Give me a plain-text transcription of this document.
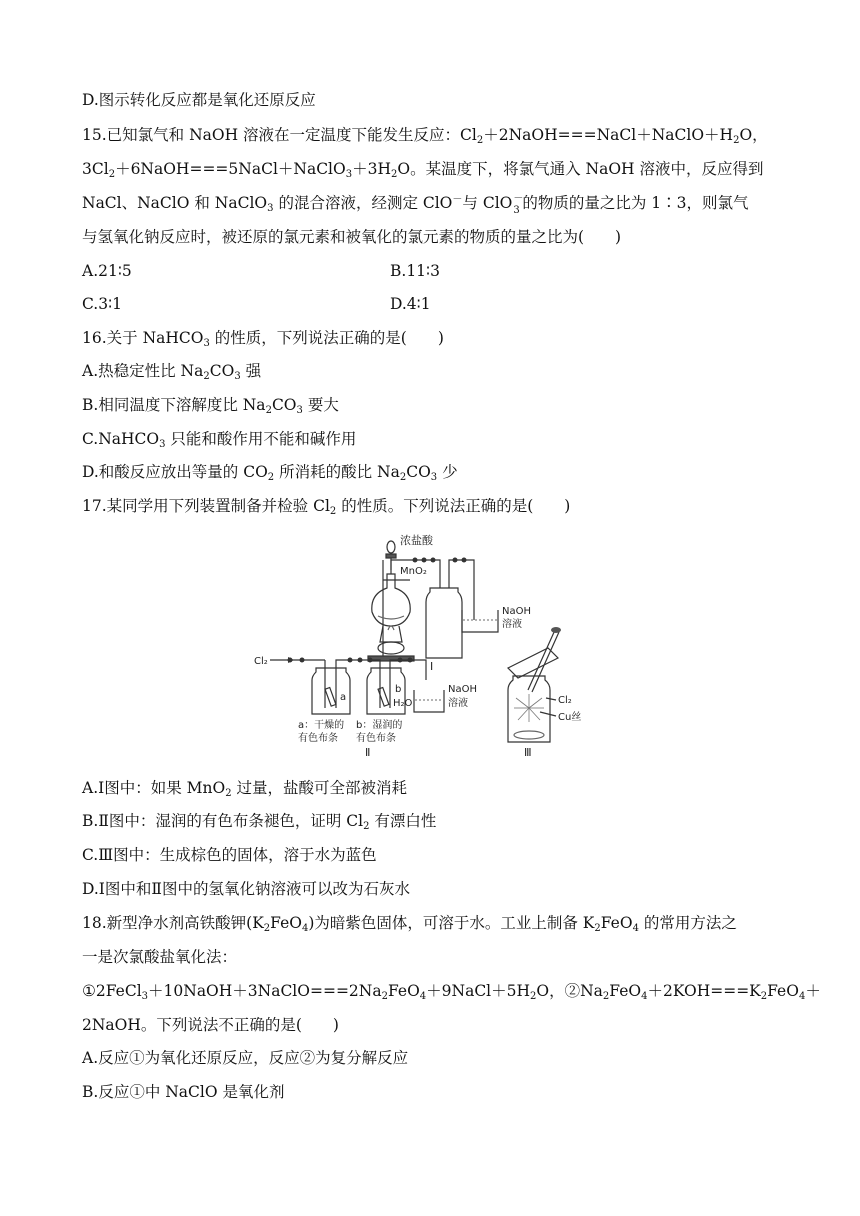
D.图示转化反应都是氧化还原反应
15.已知氯气和 NaOH 溶液在一定温度下能发生反应：$Cl_2+2NaOH===NaCl+NaClO+H_2O$，
$3Cl_2+6NaOH===5NaCl+NaClO_3+3H_2O$。某温度下，将氯气通入 NaOH 溶液中，反应得到
NaCl、NaClO 和 NaClO$_3$ 的混合溶液，经测定 ClO－与 ClO －
3 的物质的量之比为 1∶3，则氯气
与氢氧化钠反应时，被还原的氯元素和被氧化的氯元素的物质的量之比为(　　)
A.21∶5	B.11∶3
C.3∶1	D.4∶1
16.关于 NaHCO$_3$ 的性质，下列说法正确的是(　　)
A.热稳定性比 $Na_2CO_3$ 强
B.相同温度下溶解度比 $Na_2CO_3$ 要大
C.NaHCO$_3$ 只能和酸作用不能和碱作用
D.和酸反应放出等量的 $CO_2$ 所消耗的酸比 $Na_2CO_3$ 少
17.某同学用下列装置制备并检验 $Cl_2$ 的性质。下列说法正确的是(　　)
浓盐酸
MnO₂
NaOH
溶液
Ⅰ
Cl₂
a
b
H₂O
NaOH
溶液
a：干燥的
有色布条
b：湿润的
有色布条
Ⅱ
Cl₂
Cu丝
Ⅲ
A.Ⅰ图中：如果 MnO$_2$ 过量，盐酸可全部被消耗
B.Ⅱ图中：湿润的有色布条褪色，证明 $Cl_2$ 有漂白性
C.Ⅲ图中：生成棕色的固体，溶于水为蓝色
D.Ⅰ图中和Ⅱ图中的氢氧化钠溶液可以改为石灰水
18.新型净水剂高铁酸钾$(K_2FeO_4)$为暗紫色固体，可溶于水。工业上制备 $K_2FeO_4$ 的常用方法之
一是次氯酸盐氧化法：
$①2FeCl_3+10NaOH+3NaClO===2Na_2FeO_4+9NaCl+5H_2O$，$②Na_2FeO_4+2KOH===K_2FeO_4+$
2NaOH。下列说法不正确的是(　　)
A.反应①为氧化还原反应，反应②为复分解反应
B.反应①中 NaClO 是氧化剂
